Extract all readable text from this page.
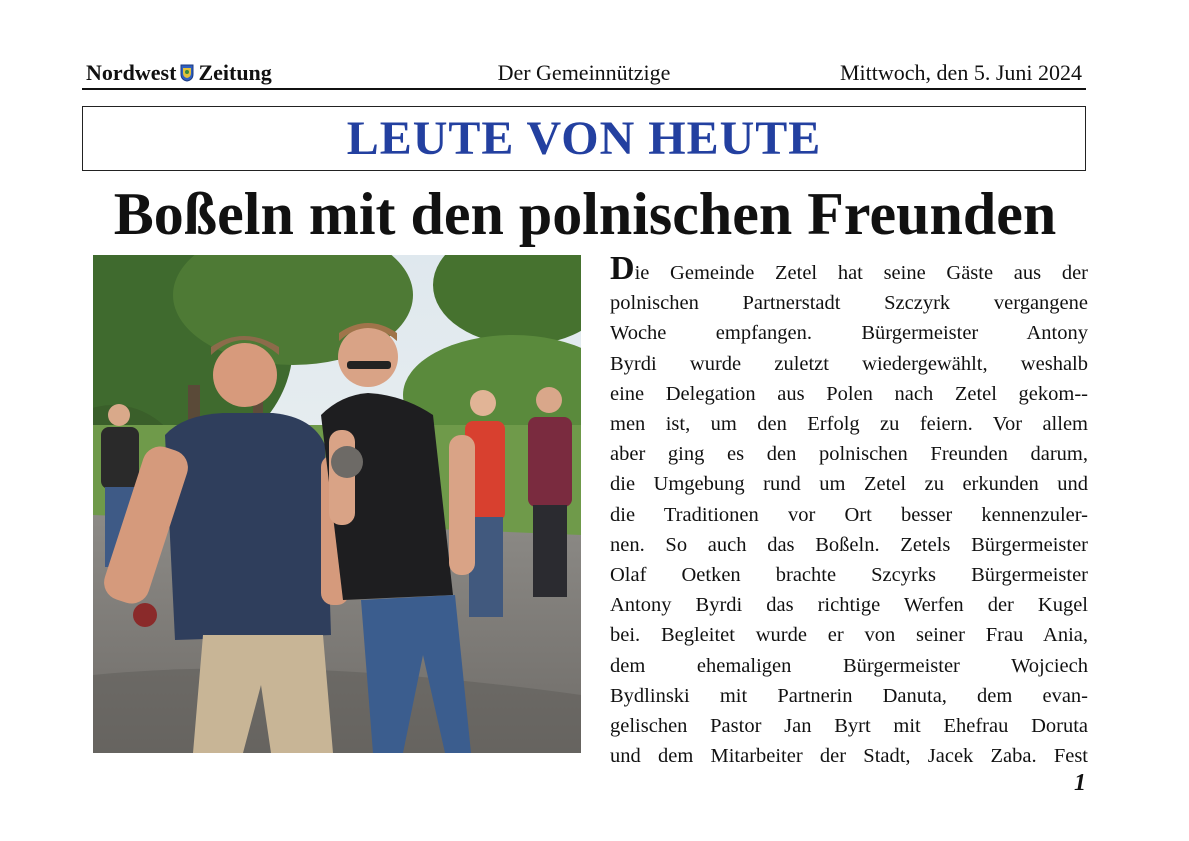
Nordwest Zeitung	Der Gemeinnützige	Mittwoch, den 5. Juni 2024
LEUTE VON HEUTE
Boßeln mit den polnischen Freunden
Die Gemeinde Zetel hat seine Gäste aus der
polnischen Partnerstadt Szczyrk vergangene
Woche empfangen. Bürgermeister Antony
Byrdi wurde zuletzt wiedergewählt, weshalb
eine Delegation aus Polen nach Zetel gekom--
men ist, um den Erfolg zu feiern. Vor allem
aber ging es den polnischen Freunden darum,
die Umgebung rund um Zetel zu erkunden und
die Traditionen vor Ort besser kennenzuler-
nen. So auch das Boßeln. Zetels Bürgermeister
Olaf Oetken brachte Szcyrks Bürgermeister
Antony Byrdi das richtige Werfen der Kugel
bei. Begleitet wurde er von seiner Frau Ania,
dem ehemaligen Bürgermeister Wojciech
Bydlinski mit Partnerin Danuta, dem evan-
gelischen Pastor Jan Byrt mit Ehefrau Doruta
und dem Mitarbeiter der Stadt, Jacek Zaba. Fest
1
